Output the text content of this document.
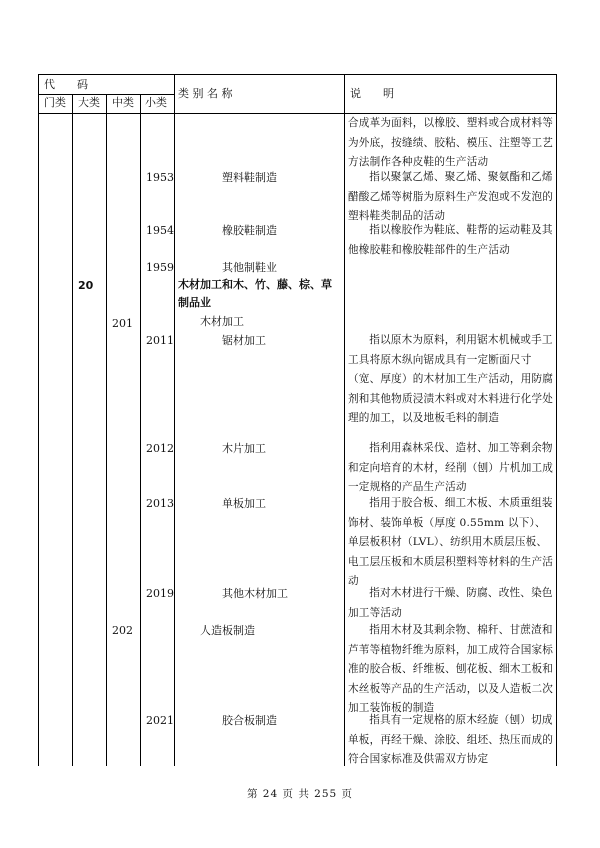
代　　码
门类 大类 中类 小类
类 别 名 称	说　　明
合成革为面料，以橡胶、塑料或合成材料等为外底，按缝绩、胶粘、模压、注塑等工艺方法制作各种皮鞋的生产活动
1953	塑料鞋制造	指以聚氯乙烯、聚乙烯、聚氨酯和乙烯醋酸乙烯等树脂为原料生产发泡或不发泡的塑料鞋类制品的活动
1954	橡胶鞋制造	指以橡胶作为鞋底、鞋帮的运动鞋及其他橡胶鞋和橡胶鞋部件的生产活动
1959	其他制鞋业
20	木材加工和木、竹、藤、棕、草制品业
201	木材加工
2011	锯材加工	指以原木为原料，利用锯木机械或手工工具将原木纵向锯成具有一定断面尺寸（宽、厚度）的木材加工生产活动，用防腐剂和其他物质浸渍木料或对木料进行化学处理的加工，以及地板毛料的制造
2012	木片加工	指利用森林采伐、造材、加工等剩余物和定向培育的木材，经削（刨）片机加工成一定规格的产品生产活动
2013	单板加工	指用于胶合板、细工木板、木质重组装饰材、装饰单板（厚度 0.55mm 以下）、单层板积材（LVL）、纺织用木质层压板、电工层压板和木质层积塑料等材料的生产活动
2019	其他木材加工	指对木材进行干燥、防腐、改性、染色加工等活动
202	人造板制造	指用木材及其剩余物、棉秆、甘蔗渣和芦苇等植物纤维为原料，加工成符合国家标准的胶合板、纤维板、刨花板、细木工板和木丝板等产品的生产活动，以及人造板二次加工装饰板的制造
2021	胶合板制造	指具有一定规格的原木经旋（刨）切成单板，再经干燥、涂胶、组坯、热压而成的符合国家标准及供需双方协定
第 24 页 共 255 页
